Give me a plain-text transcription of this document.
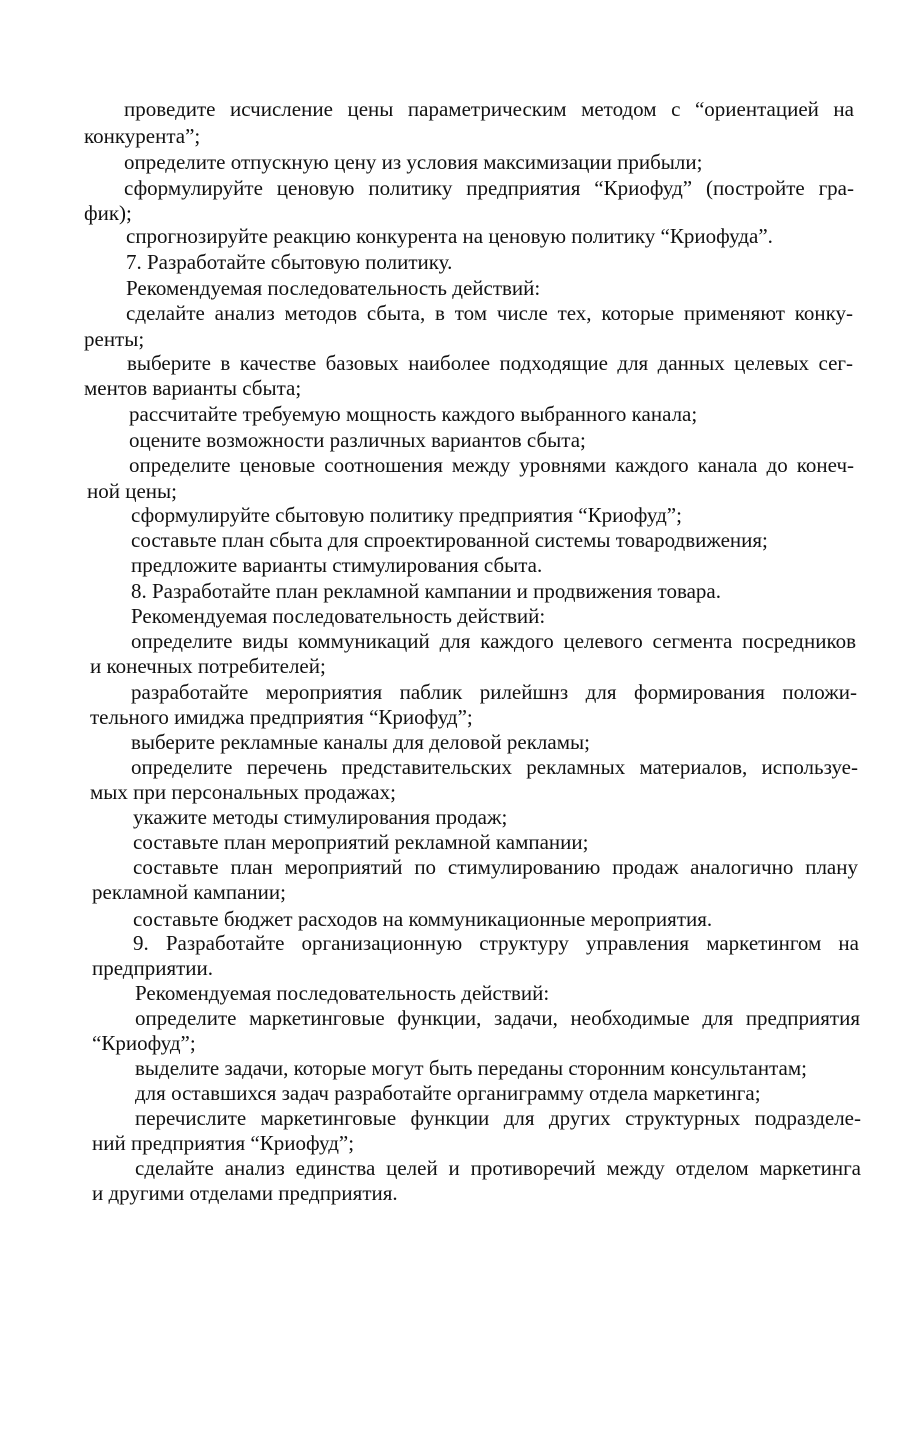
проведите исчисление цены параметрическим методом с “ориентацией на
конкурента”;
определите отпускную цену из условия максимизации прибыли;
сформулируйте ценовую политику предприятия “Криофуд” (постройте гра-
фик);
спрогнозируйте реакцию конкурента на ценовую политику “Криофуда”.
7. Разработайте сбытовую политику.
Рекомендуемая последовательность действий:
сделайте анализ методов сбыта, в том числе тех, которые применяют конку-
ренты;
выберите в качестве базовых наиболее подходящие для данных целевых сег-
ментов варианты сбыта;
рассчитайте требуемую мощность каждого выбранного канала;
оцените возможности различных вариантов сбыта;
определите ценовые соотношения между уровнями каждого канала до конеч-
ной цены;
сформулируйте сбытовую политику предприятия “Криофуд”;
составьте план сбыта для спроектированной системы товародвижения;
предложите варианты стимулирования сбыта.
8. Разработайте план рекламной кампании и продвижения товара.
Рекомендуемая последовательность действий:
определите виды коммуникаций для каждого целевого сегмента посредников
и конечных потребителей;
разработайте мероприятия паблик рилейшнз для формирования положи-
тельного имиджа предприятия “Криофуд”;
выберите рекламные каналы для деловой рекламы;
определите перечень представительских рекламных материалов, используе-
мых при персональных продажах;
укажите методы стимулирования продаж;
составьте план мероприятий рекламной кампании;
составьте план мероприятий по стимулированию продаж аналогично плану
рекламной кампании;
составьте бюджет расходов на коммуникационные мероприятия.
9. Разработайте организационную структуру управления маркетингом на
предприятии.
Рекомендуемая последовательность действий:
определите маркетинговые функции, задачи, необходимые для предприятия
“Криофуд”;
выделите задачи, которые могут быть переданы сторонним консультантам;
для оставшихся задач разработайте органиграмму отдела маркетинга;
перечислите маркетинговые функции для других структурных подразделе-
ний предприятия “Криофуд”;
сделайте анализ единства целей и противоречий между отделом маркетинга
и другими отделами предприятия.
